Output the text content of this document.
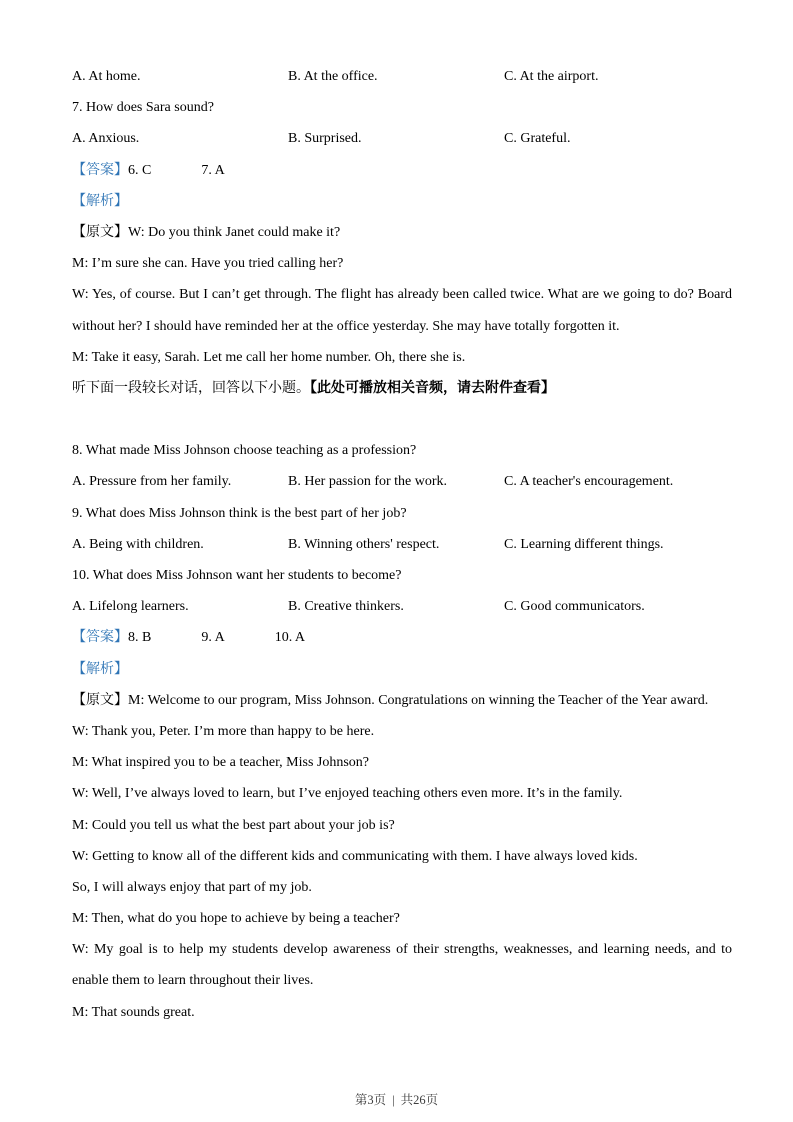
A. At home.	B. At the office.	C. At the airport.
7. How does Sara sound?
A. Anxious.	B. Surprised.	C. Grateful.
【答案】6. C	7. A
【解析】
【原文】W: Do you think Janet could make it?
M: I’m sure she can. Have you tried calling her?
W: Yes, of course. But I can’t get through. The flight has already been called twice. What are we going to do? Board
without her? I should have reminded her at the office yesterday. She may have totally forgotten it.
M: Take it easy, Sarah. Let me call her home number. Oh, there she is.
听下面一段较长对话，回答以下小题。【此处可播放相关音频，请去附件查看】
8. What made Miss Johnson choose teaching as a profession?
A. Pressure from her family.	B. Her passion for the work.	C. A teacher's encouragement.
9. What does Miss Johnson think is the best part of her job?
A. Being with children.	B. Winning others' respect.	C. Learning different things.
10. What does Miss Johnson want her students to become?
A. Lifelong learners.	B. Creative thinkers.	C. Good communicators.
【答案】8. B	9. A	10. A
【解析】
【原文】M: Welcome to our program, Miss Johnson. Congratulations on winning the Teacher of the Year award.
W: Thank you, Peter. I’m more than happy to be here.
M: What inspired you to be a teacher, Miss Johnson?
W: Well, I’ve always loved to learn, but I’ve enjoyed teaching others even more. It’s in the family.
M: Could you tell us what the best part about your job is?
W: Getting to know all of the different kids and communicating with them. I have always loved kids.
So, I will always enjoy that part of my job.
M: Then, what do you hope to achieve by being a teacher?
W: My goal is to help my students develop awareness of their strengths, weaknesses, and learning needs, and to
enable them to learn throughout their lives.
M: That sounds great.
第3页 | 共26页
